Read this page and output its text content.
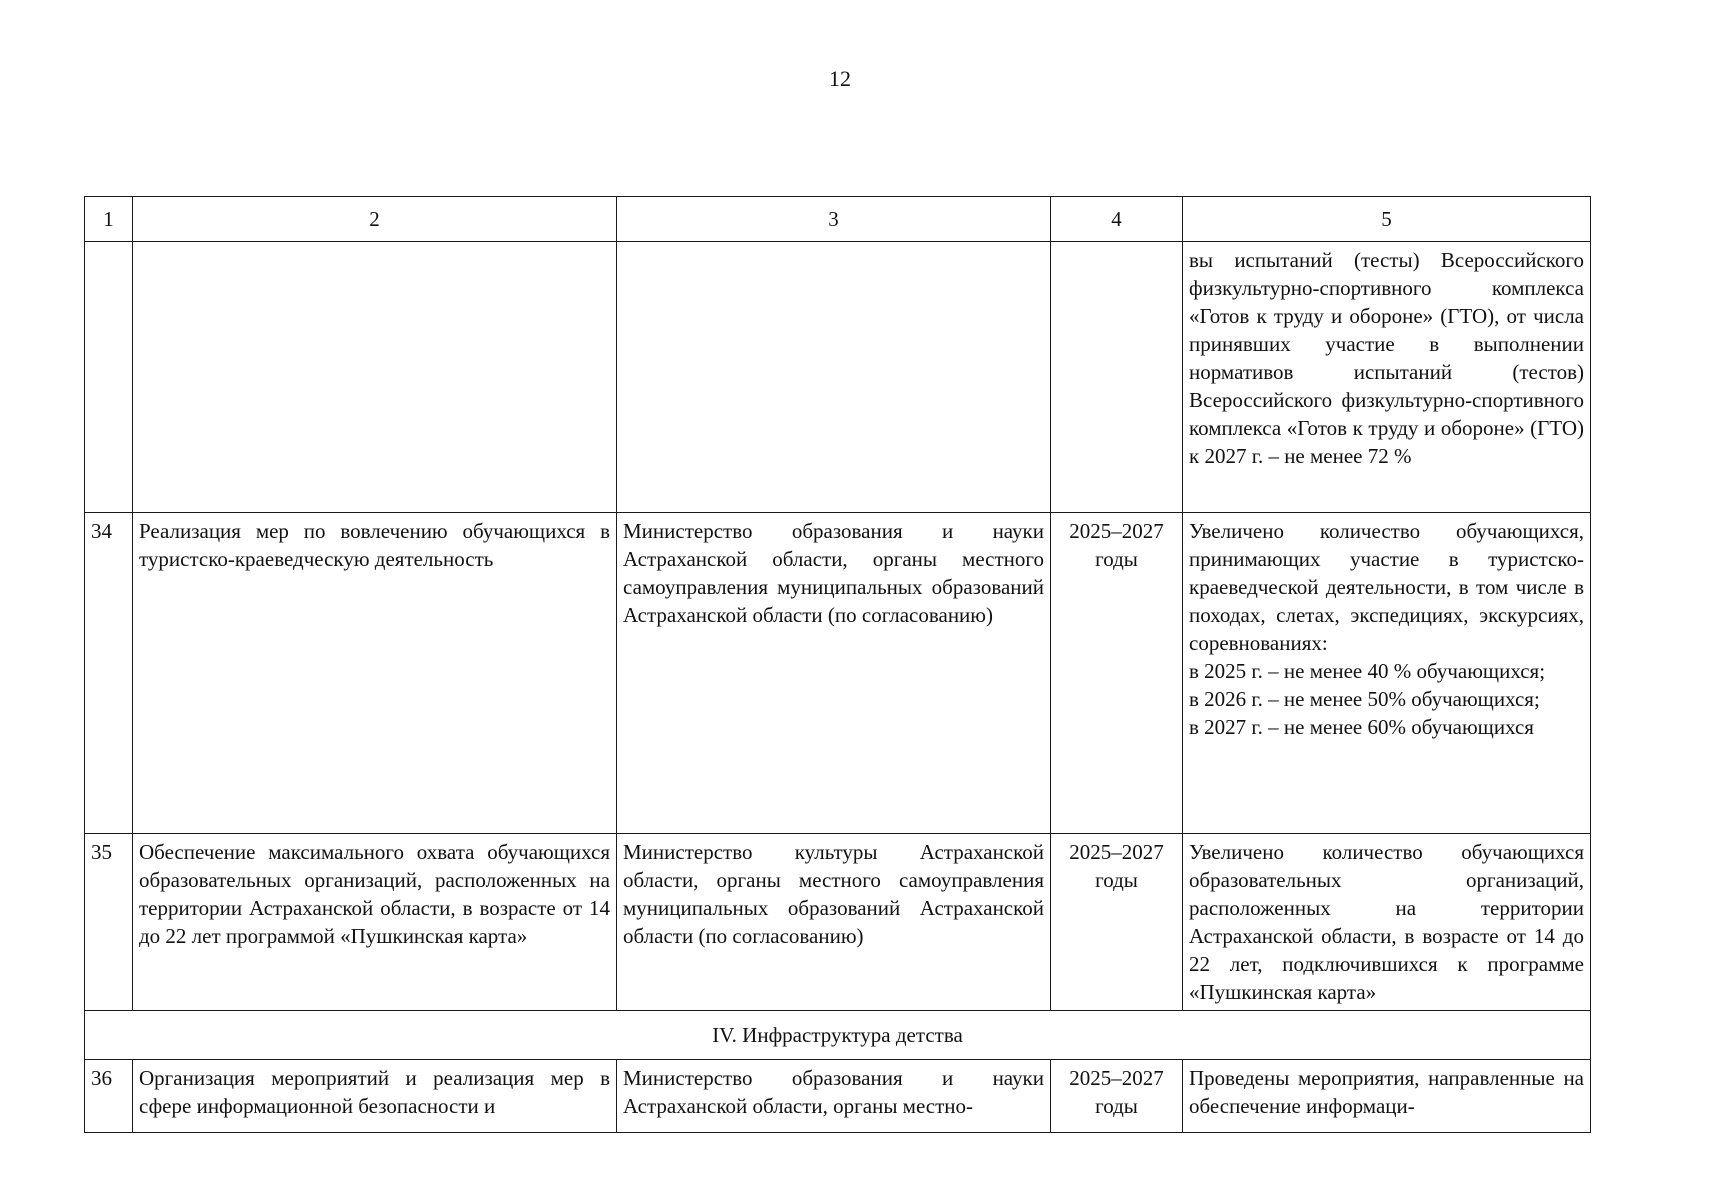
12
1	2	3	4	5
				вы испытаний (тесты) Всероссийского физкультурно-спортивного комплекса «Готов к труду и обороне» (ГТО), от числа принявших участие в выполнении нормативов испытаний (тестов) Всероссийского физкультурно-спортивного комплекса «Готов к труду и обороне» (ГТО) к 2027 г. – не менее 72 %
34	Реализация мер по вовлечению обучающихся в туристско-краеведческую деятельность	Министерство образования и науки Астраханской области, органы местного самоуправления муниципальных образований Астраханской области (по согласованию)	2025–2027 годы	Увеличено количество обучающихся, принимающих участие в туристско-краеведческой деятельности, в том числе в походах, слетах, экспедициях, экскурсиях, соревнованиях:
в 2025 г. – не менее 40 % обучающихся;
в 2026 г. – не менее 50% обучающихся;
в 2027 г. – не менее 60% обучающихся

35	Обеспечение максимального охвата обучающихся образовательных организаций, расположенных на территории Астраханской области, в возрасте от 14 до 22 лет программой «Пушкинская карта»	Министерство культуры Астраханской области, органы местного самоуправления муниципальных образований Астраханской области (по согласованию)	2025–2027 годы	Увеличено количество обучающихся образовательных организаций, расположенных на территории Астраханской области, в возрасте от 14 до 22 лет, подключившихся к программе «Пушкинская карта»

IV. Инфраструктура детства				
36	Организация мероприятий и реализация мер в сфере информационной безопасности и	Министерство образования и науки Астраханской области, органы местно-	2025–2027 годы	Проведены мероприятия, направленные на обеспечение информаци-
